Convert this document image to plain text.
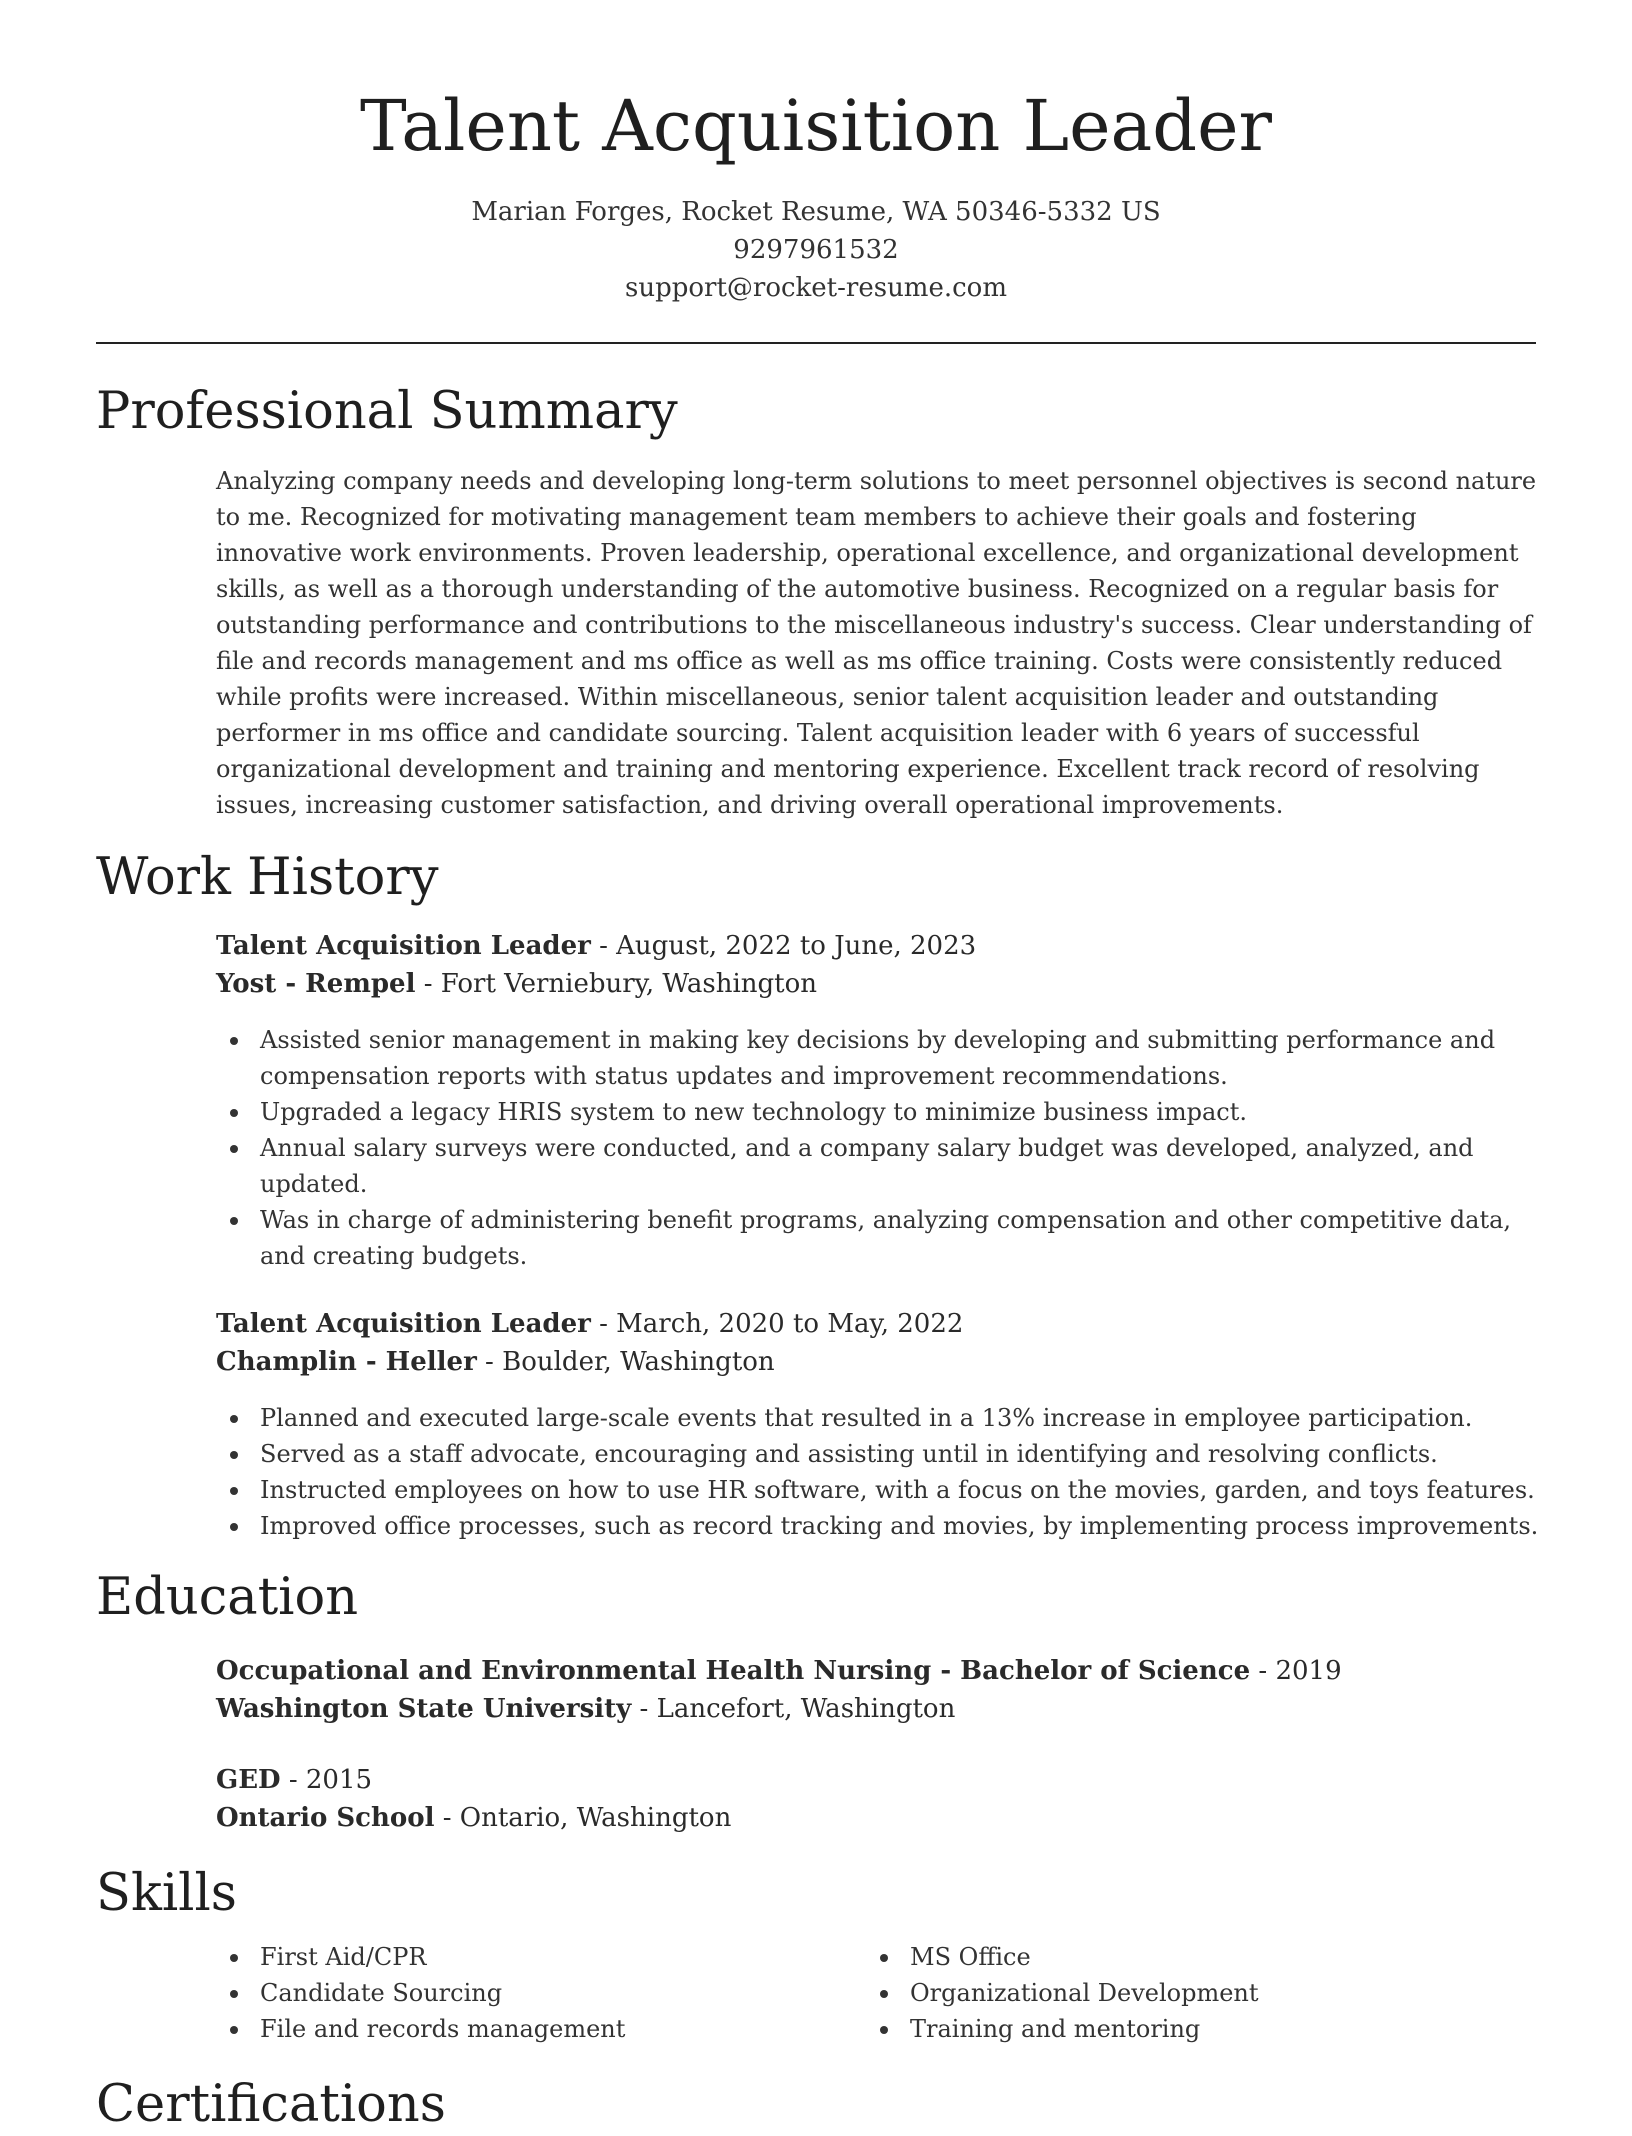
Talent Acquisition Leader
Marian Forges, Rocket Resume, WA 50346-5332 US
9297961532
support@rocket-resume.com
Professional Summary

Analyzing company needs and developing long-term solutions to meet personnel objectives is second nature to me. Recognized for motivating management team members to achieve their goals and fostering innovative work environments. Proven leadership, operational excellence, and organizational development skills, as well as a thorough understanding of the automotive business. Recognized on a regular basis for outstanding performance and contributions to the miscellaneous industry's success. Clear understanding of file and records management and ms office as well as ms office training. Costs were consistently reduced while profits were increased. Within miscellaneous, senior talent acquisition leader and outstanding performer in ms office and candidate sourcing. Talent acquisition leader with 6 years of successful organizational development and training and mentoring experience. Excellent track record of resolving issues, increasing customer satisfaction, and driving overall operational improvements.

Work History
Talent Acquisition Leader - August, 2022 to June, 2023
Yost - Rempel - Fort Verniebury, Washington
Assisted senior management in making key decisions by developing and submitting performance and compensation reports with status updates and improvement recommendations.
Upgraded a legacy HRIS system to new technology to minimize business impact.
Annual salary surveys were conducted, and a company salary budget was developed, analyzed, and updated.
Was in charge of administering benefit programs, analyzing compensation and other competitive data, and creating budgets.
Talent Acquisition Leader - March, 2020 to May, 2022
Champlin - Heller - Boulder, Washington
Planned and executed large-scale events that resulted in a 13% increase in employee participation.
Served as a staff advocate, encouraging and assisting until in identifying and resolving conflicts.
Instructed employees on how to use HR software, with a focus on the movies, garden, and toys features.
Improved office processes, such as record tracking and movies, by implementing process improvements.
Education
Occupational and Environmental Health Nursing - Bachelor of Science - 2019
Washington State University - Lancefort, Washington
GED - 2015
Ontario School - Ontario, Washington
Skills
First Aid/CPR
Candidate Sourcing
File and records management
MS Office
Organizational Development
Training and mentoring
Certifications
